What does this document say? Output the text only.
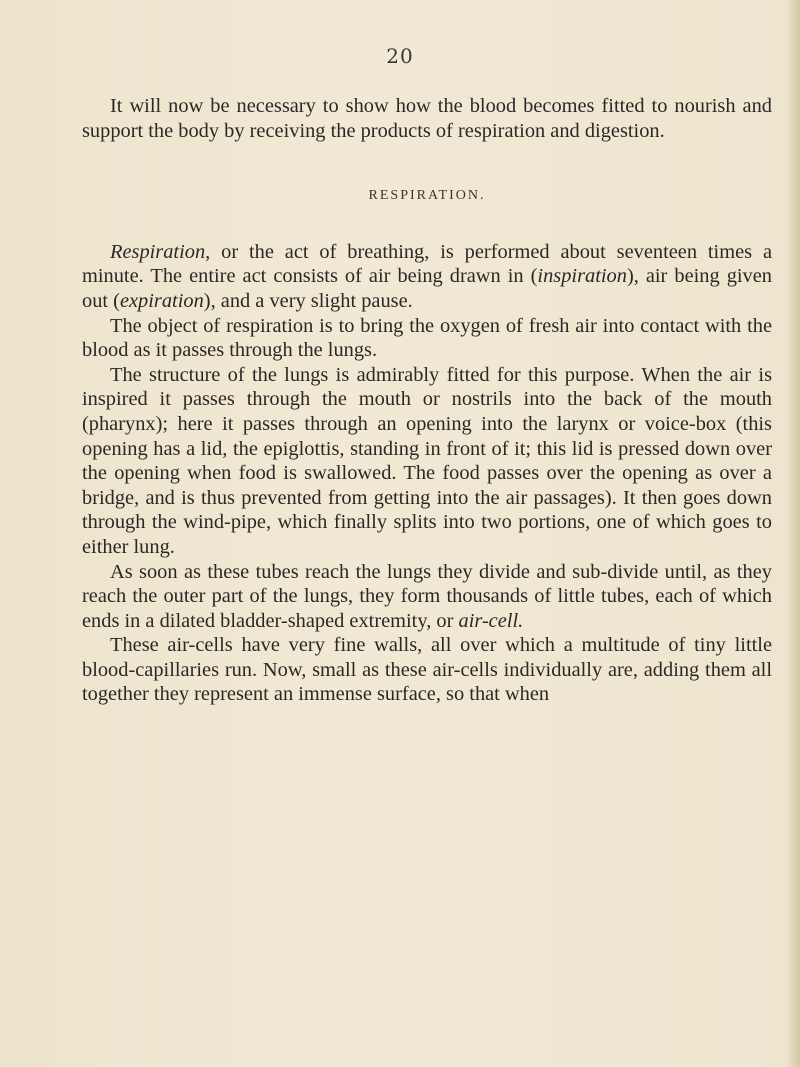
20

It will now be necessary to show how the blood becomes fitted to nourish and support the body by receiving the products of respiration and digestion.

RESPIRATION.

Respiration, or the act of breathing, is performed about seventeen times a minute. The entire act consists of air being drawn in (inspiration), air being given out (expiration), and a very slight pause.

The object of respiration is to bring the oxygen of fresh air into contact with the blood as it passes through the lungs.

The structure of the lungs is admirably fitted for this purpose. When the air is inspired it passes through the mouth or nostrils into the back of the mouth (pharynx); here it passes through an opening into the larynx or voice-box (this opening has a lid, the epiglottis, standing in front of it; this lid is pressed down over the opening when food is swallowed. The food passes over the opening as over a bridge, and is thus prevented from getting into the air passages). It then goes down through the wind-pipe, which finally splits into two portions, one of which goes to either lung.

As soon as these tubes reach the lungs they divide and sub-divide until, as they reach the outer part of the lungs, they form thousands of little tubes, each of which ends in a dilated bladder-shaped extremity, or air-cell.

These air-cells have very fine walls, all over which a multitude of tiny little blood-capillaries run. Now, small as these air-cells individually are, adding them all together they represent an immense surface, so that when
